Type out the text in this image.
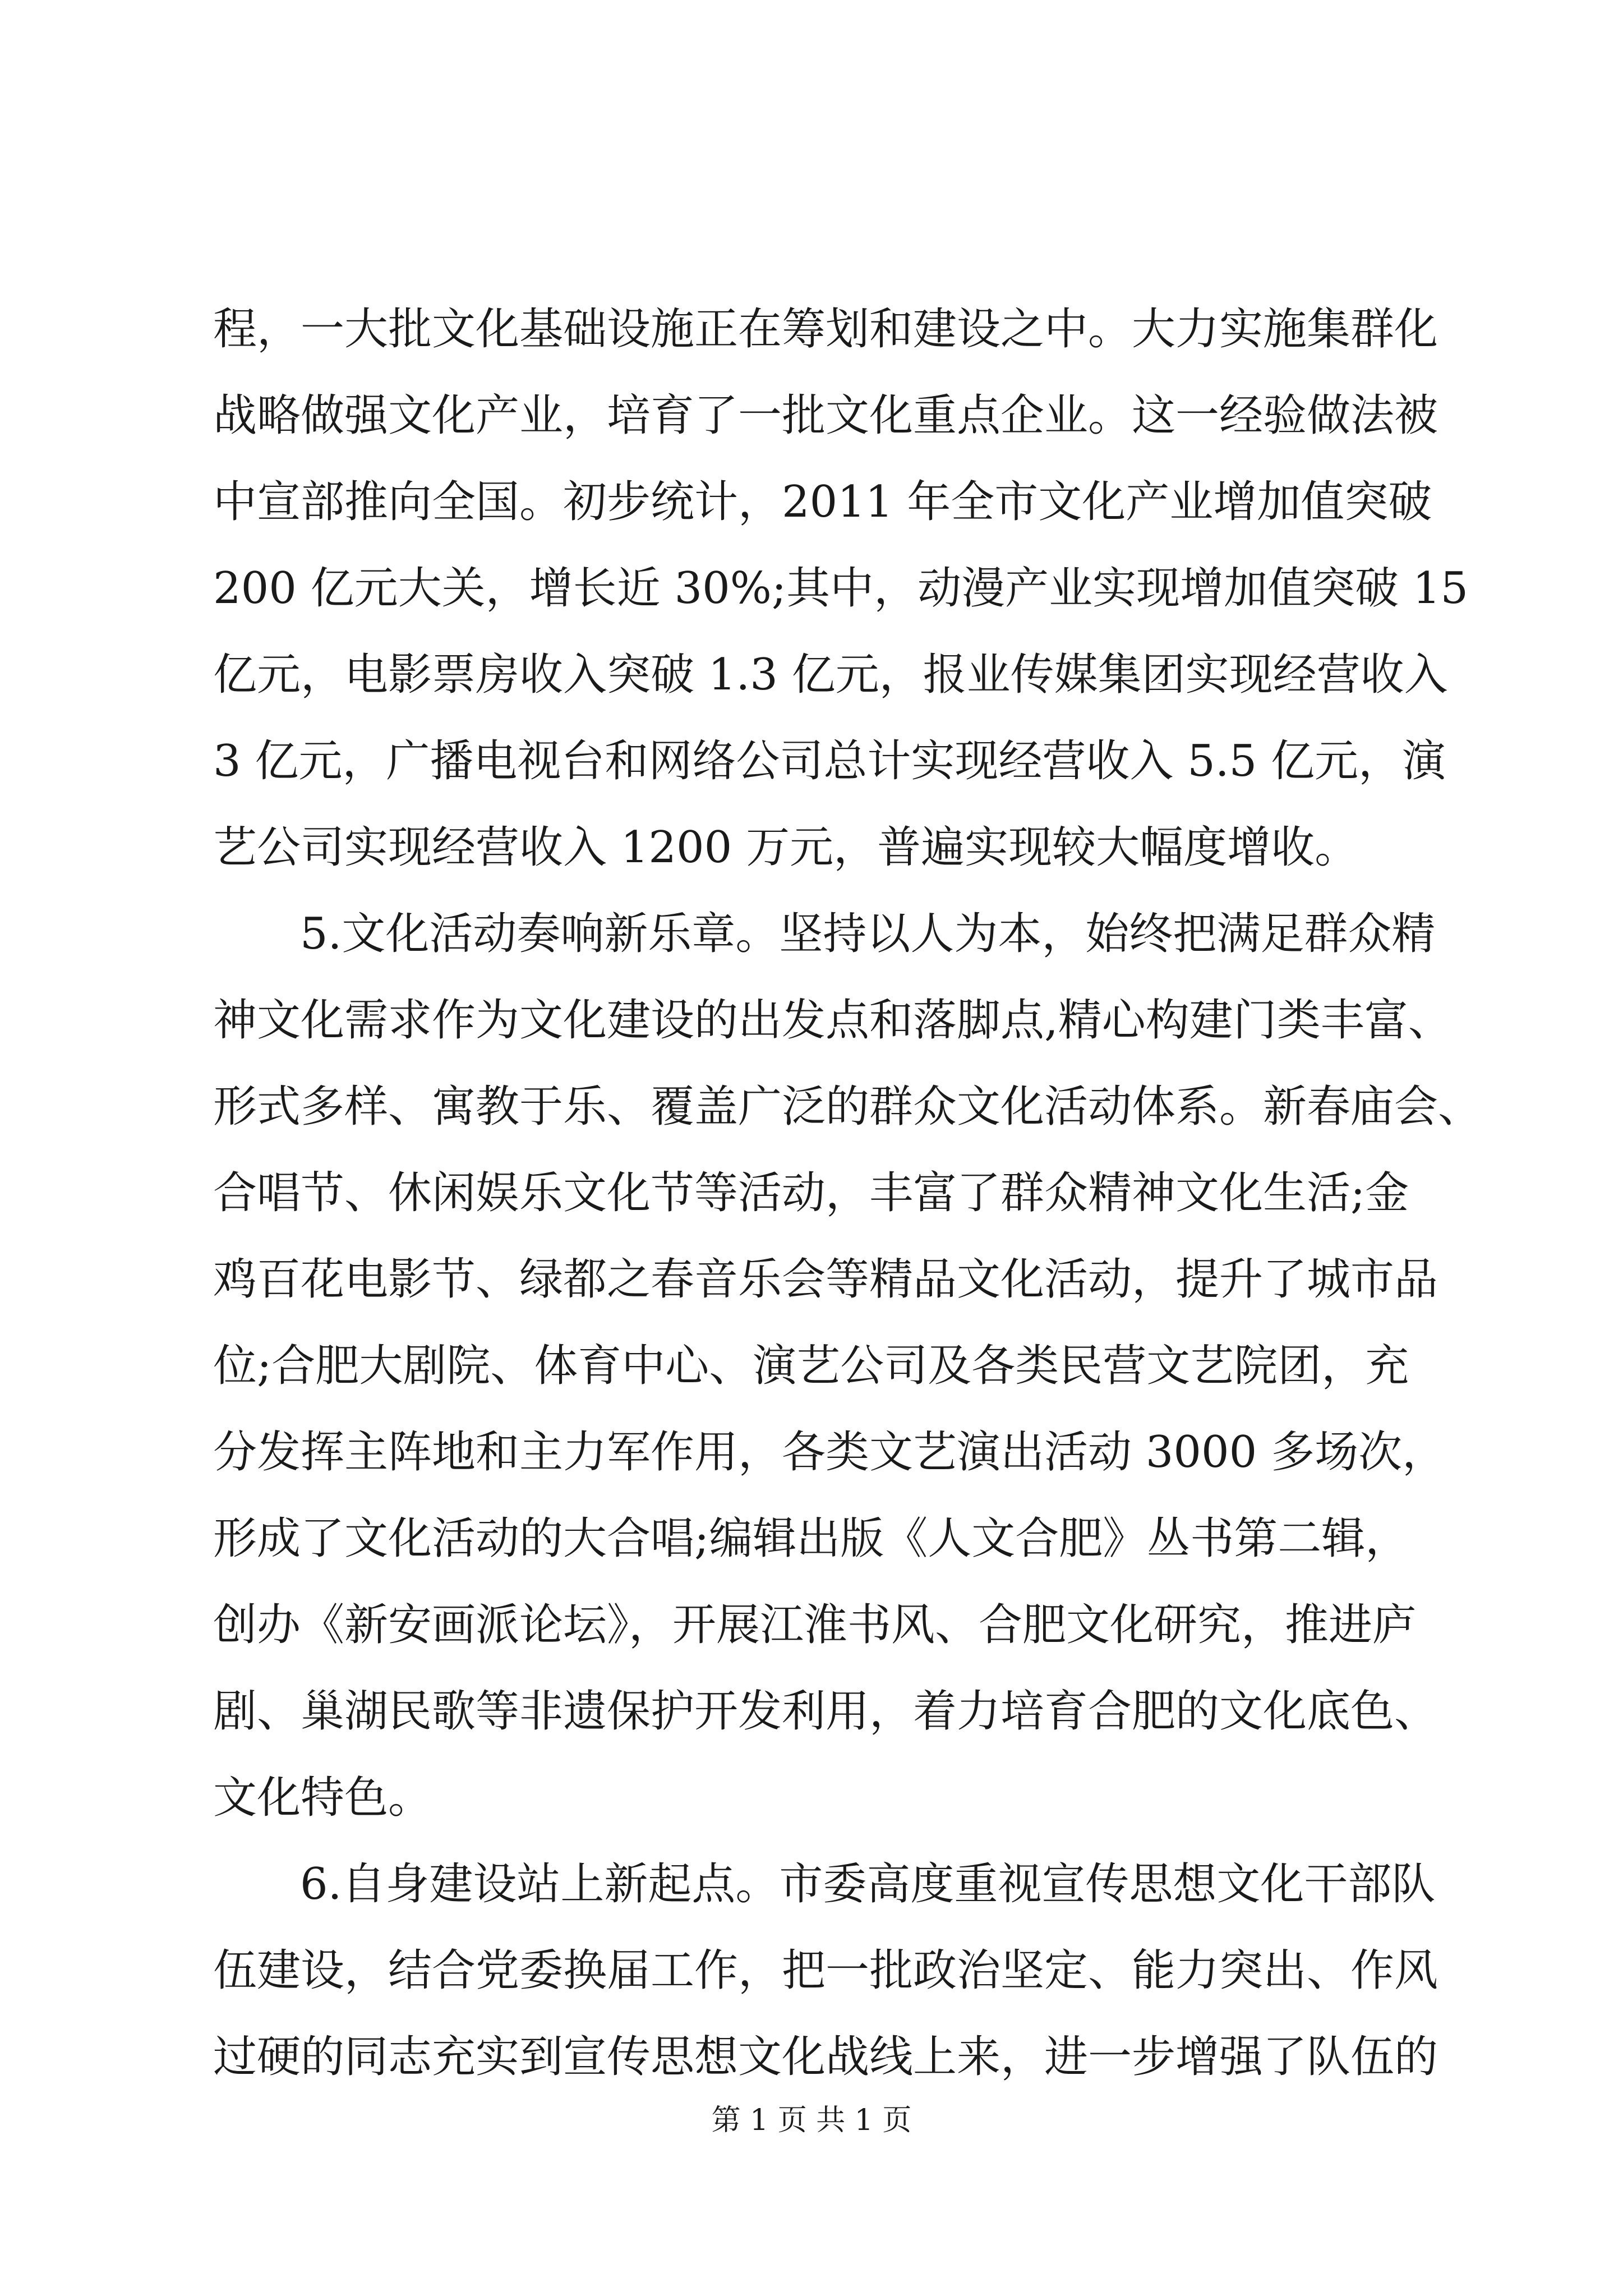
程，一大批文化基础设施正在筹划和建设之中。大力实施集群化
战略做强文化产业，培育了一批文化重点企业。这一经验做法被
中宣部推向全国。初步统计，2011 年全市文化产业增加值突破
200 亿元大关，增长近 30%;其中，动漫产业实现增加值突破 15
亿元，电影票房收入突破 1.3 亿元，报业传媒集团实现经营收入
3 亿元，广播电视台和网络公司总计实现经营收入 5.5 亿元，演
艺公司实现经营收入 1200 万元，普遍实现较大幅度增收。
5.文化活动奏响新乐章。坚持以人为本，始终把满足群众精
神文化需求作为文化建设的出发点和落脚点,精心构建门类丰富、
形式多样、寓教于乐、覆盖广泛的群众文化活动体系。新春庙会、
合唱节、休闲娱乐文化节等活动，丰富了群众精神文化生活;金
鸡百花电影节、绿都之春音乐会等精品文化活动，提升了城市品
位;合肥大剧院、体育中心、演艺公司及各类民营文艺院团，充
分发挥主阵地和主力军作用，各类文艺演出活动 3000 多场次，
形成了文化活动的大合唱;编辑出版《人文合肥》丛书第二辑，
创办《新安画派论坛》，开展江淮书风、合肥文化研究，推进庐
剧、巢湖民歌等非遗保护开发利用，着力培育合肥的文化底色、
文化特色。
6.自身建设站上新起点。市委高度重视宣传思想文化干部队
伍建设，结合党委换届工作，把一批政治坚定、能力突出、作风
过硬的同志充实到宣传思想文化战线上来，进一步增强了队伍的
第 1 页 共 1 页
